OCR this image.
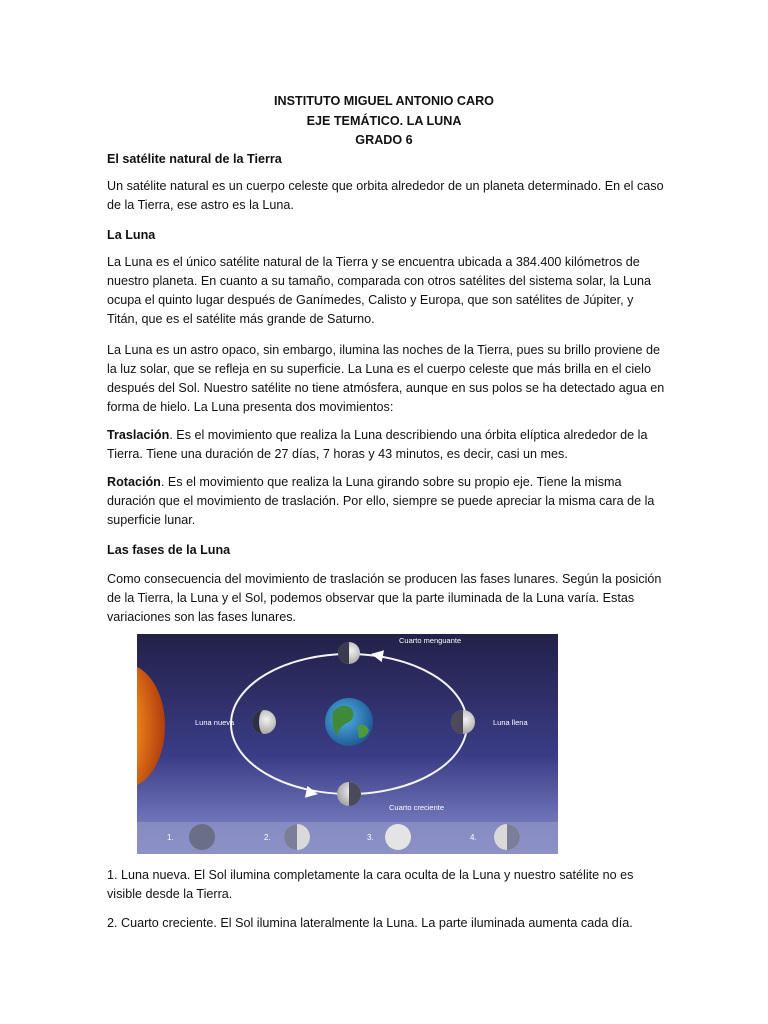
INSTITUTO MIGUEL ANTONIO CARO
EJE TEMÁTICO. LA LUNA
GRADO 6

El satélite natural de la Tierra

Un satélite natural es un cuerpo celeste que orbita alrededor de un planeta determinado. En el caso de la Tierra, ese astro es la Luna.

La Luna

La Luna es el único satélite natural de la Tierra y se encuentra ubicada a 384.400 kilómetros de nuestro planeta. En cuanto a su tamaño, comparada con otros satélites del sistema solar, la Luna ocupa el quinto lugar después de Ganímedes, Calisto y Europa, que son satélites de Júpiter, y Titán, que es el satélite más grande de Saturno.

La Luna es un astro opaco, sin embargo, ilumina las noches de la Tierra, pues su brillo proviene de la luz solar, que se refleja en su superficie. La Luna es el cuerpo celeste que más brilla en el cielo después del Sol. Nuestro satélite no tiene atmósfera, aunque en sus polos se ha detectado agua en forma de hielo. La Luna presenta dos movimientos:

Traslación. Es el movimiento que realiza la Luna describiendo una órbita elíptica alrededor de la Tierra. Tiene una duración de 27 días, 7 horas y 43 minutos, es decir, casi un mes.

Rotación. Es el movimiento que realiza la Luna girando sobre su propio eje. Tiene la misma duración que el movimiento de traslación. Por ello, siempre se puede apreciar la misma cara de la superficie lunar.

Las fases de la Luna

Como consecuencia del movimiento de traslación se producen las fases lunares. Según la posición de la Tierra, la Luna y el Sol, podemos observar que la parte iluminada de la Luna varía. Estas variaciones son las fases lunares.

Cuarto menguante
Luna nueva	Luna llena
Cuarto creciente
1.	2.	3.	4.

1. Luna nueva. El Sol ilumina completamente la cara oculta de la Luna y nuestro satélite no es visible desde la Tierra.

2. Cuarto creciente. El Sol ilumina lateralmente la Luna. La parte iluminada aumenta cada día.
